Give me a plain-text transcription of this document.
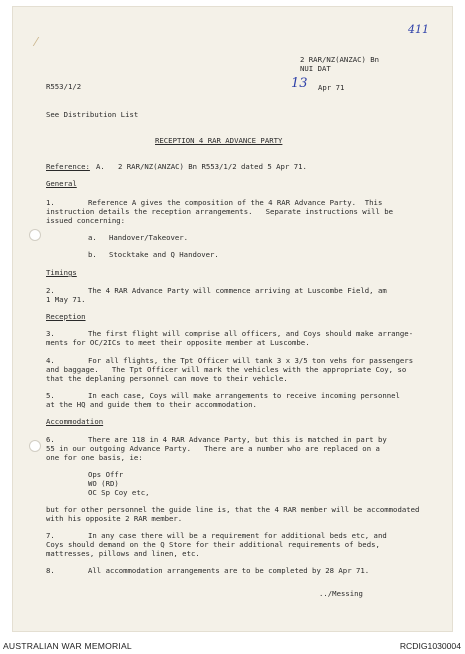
⁄
411
2 RAR/NZ(ANZAC) Bn
NUI DAT
13 Apr 71
R553/1/2
See Distribution List
RECEPTION 4 RAR ADVANCE PARTY
Reference: A. 2 RAR/NZ(ANZAC) Bn R553/1/2 dated 5 Apr 71.
General
1.	Reference A gives the composition of the 4 RAR Advance Party.  This
instruction details the reception arrangements.   Separate instructions will be
issued concerning:
a. Handover/Takeover.
b. Stocktake and Q Handover.
Timings
2.	The 4 RAR Advance Party will commence arriving at Luscombe Field, am
1 May 71.
Reception
3.	The first flight will comprise all officers, and Coys should make arrange-
ments for OC/2ICs to meet their opposite member at Luscombe.
4.	For all flights, the Tpt Officer will tank 3 x 3/5 ton vehs for passengers
and baggage.   The Tpt Officer will mark the vehicles with the appropriate Coy, so
that the deplaning personnel can move to their vehicle.
5.	In each case, Coys will make arrangements to receive incoming personnel
at the HQ and guide them to their accommodation.
Accommodation
6.	There are 118 in 4 RAR Advance Party, but this is matched in part by
55 in our outgoing Advance Party.   There are a number who are replaced on a
one for one basis, ie:
Ops Offr
WO (RD)
OC Sp Coy etc,
but for other personnel the guide line is, that the 4 RAR member will be accommodated
with his opposite 2 RAR member.
7.	In any case there will be a requirement for additional beds etc, and
Coys should demand on the Q Store for their additional requirements of beds,
mattresses, pillows and linen, etc.
8.	All accommodation arrangements are to be completed by 28 Apr 71.
../Messing
AUSTRALIAN WAR MEMORIAL	RCDIG1030004
